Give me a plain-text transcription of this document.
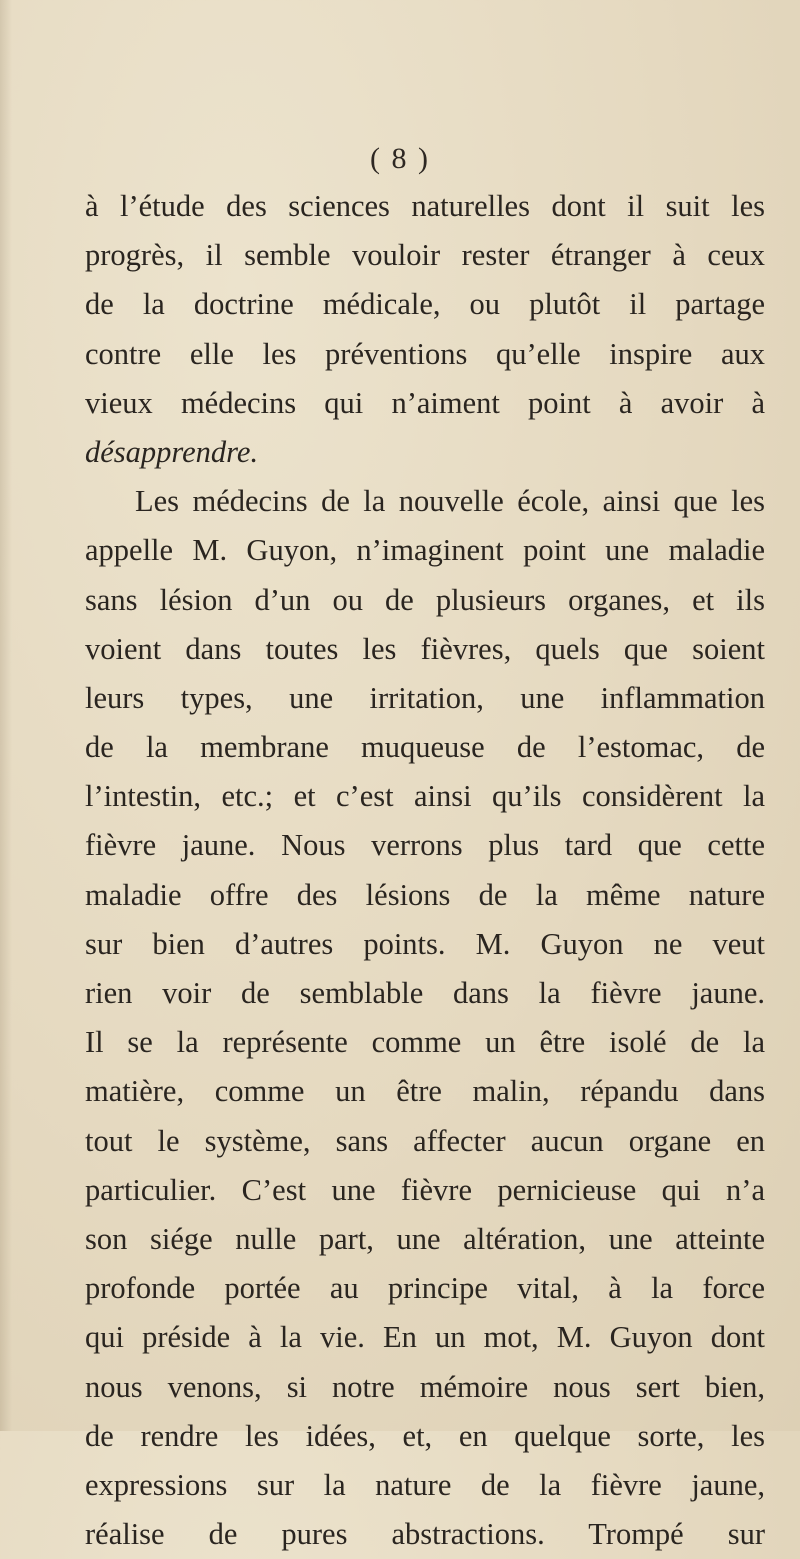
( 8 )
à l’étude des sciences naturelles dont il suit les
progrès, il semble vouloir rester étranger à ceux
de la doctrine médicale, ou plutôt il partage
contre elle les préventions qu’elle inspire aux
vieux médecins qui n’aiment point à avoir à
désapprendre.
Les médecins de la nouvelle école, ainsi que les
appelle M. Guyon, n’imaginent point une maladie
sans lésion d’un ou de plusieurs organes, et ils
voient dans toutes les fièvres, quels que soient
leurs types, une irritation, une inflammation
de la membrane muqueuse de l’estomac, de
l’intestin, etc.; et c’est ainsi qu’ils considèrent la
fièvre jaune. Nous verrons plus tard que cette
maladie offre des lésions de la même nature
sur bien d’autres points. M. Guyon ne veut
rien voir de semblable dans la fièvre jaune.
Il se la représente comme un être isolé de la
matière, comme un être malin, répandu dans
tout le système, sans affecter aucun organe en
particulier. C’est une fièvre pernicieuse qui n’a
son siége nulle part, une altération, une atteinte
profonde portée au principe vital, à la force
qui préside à la vie. En un mot, M. Guyon dont
nous venons, si notre mémoire nous sert bien,
de rendre les idées, et, en quelque sorte, les
expressions sur la nature de la fièvre jaune,
réalise de pures abstractions. Trompé sur
